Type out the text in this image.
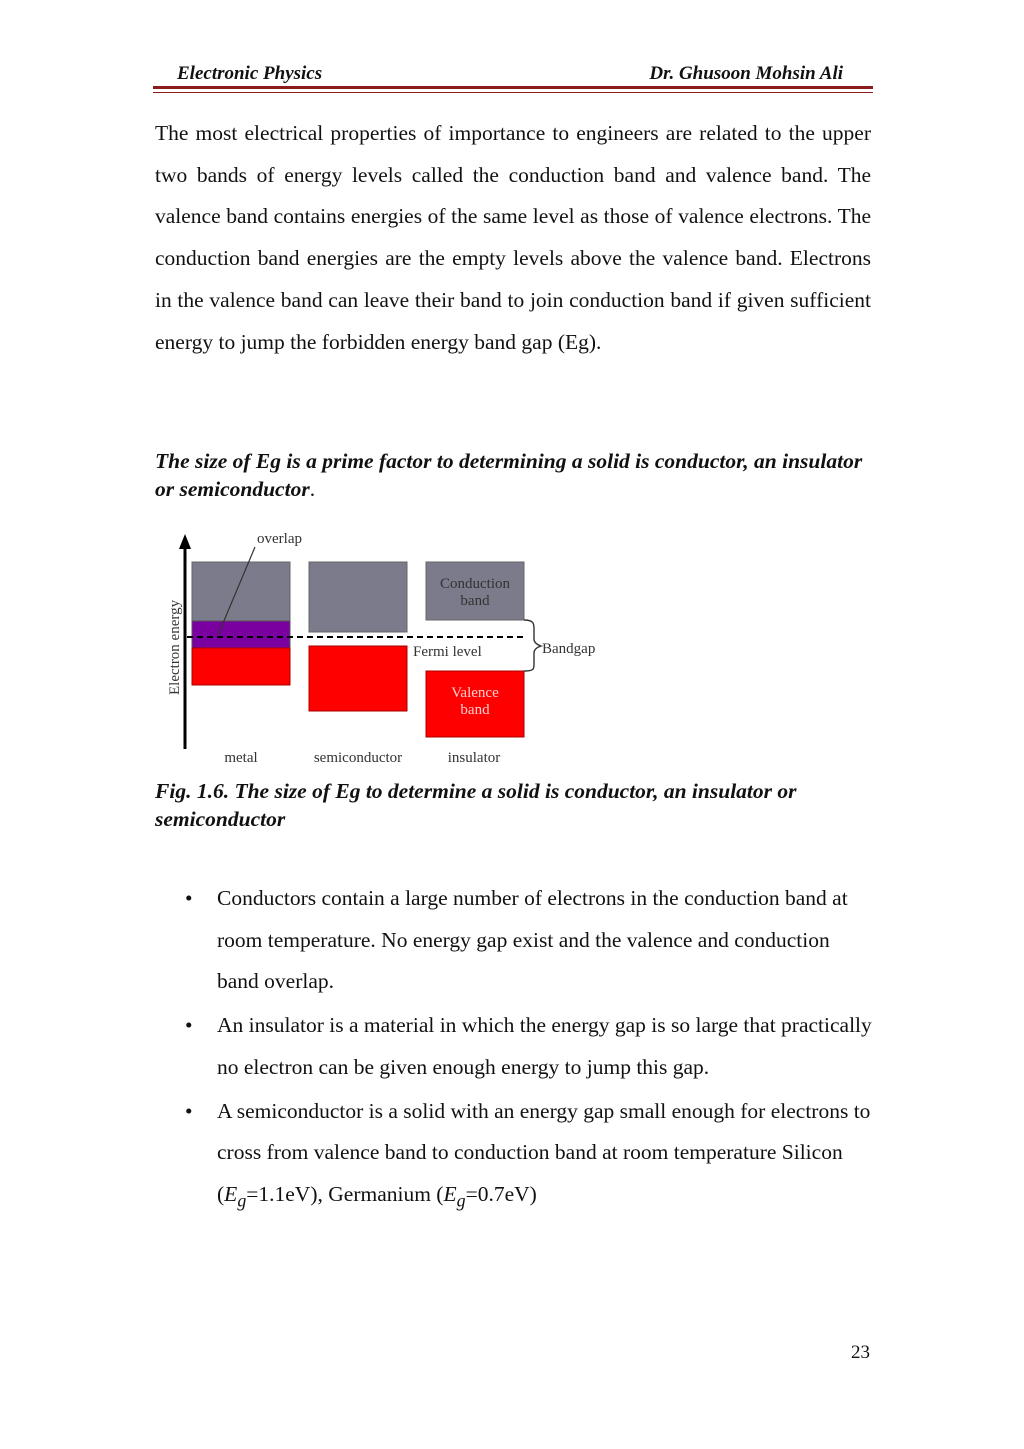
Electronic Physics	Dr. Ghusoon Mohsin Ali

The most electrical properties of importance to engineers are related to the upper two bands of energy levels called the conduction band and valence band. The valence band contains energies of the same level as those of valence electrons. The conduction band energies are the empty levels above the valence band. Electrons in the valence band can leave their band to join conduction band if given sufficient energy to jump the forbidden energy band gap (Eg).

The size of Eg is a prime factor to determining a solid is conductor, an insulator or semiconductor.

Electron energy
overlap
Conduction
band
Valence
band
Fermi level	Bandgap
metal	semiconductor	insulator

Fig. 1.6. The size of Eg to determine a solid is conductor, an insulator or semiconductor

• Conductors contain a large number of electrons in the conduction band at room temperature. No energy gap exist and the valence and conduction band overlap.
• An insulator is a material in which the energy gap is so large that practically no electron can be given enough energy to jump this gap.
• A semiconductor is a solid with an energy gap small enough for electrons to cross from valence band to conduction band at room temperature Silicon $(E_g=1.1eV)$, Germanium $(E_g=0.7eV)$
23
